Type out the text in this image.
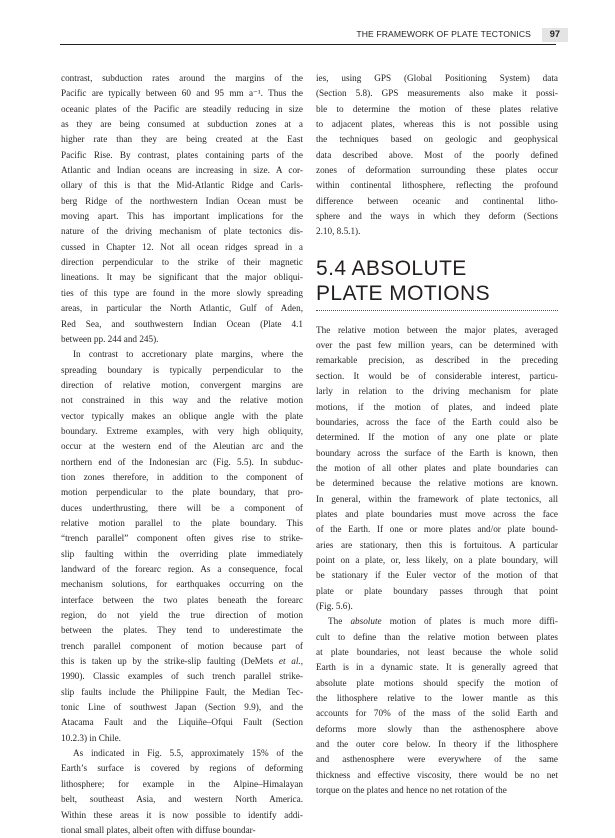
THE FRAMEWORK OF PLATE TECTONICS	97
contrast, subduction rates around the margins of the
Pacific are typically between 60 and 95 mm a⁻¹. Thus the
oceanic plates of the Pacific are steadily reducing in size
as they are being consumed at subduction zones at a
higher rate than they are being created at the East
Pacific Rise. By contrast, plates containing parts of the
Atlantic and Indian oceans are increasing in size. A cor-
ollary of this is that the Mid-Atlantic Ridge and Carls-
berg Ridge of the northwestern Indian Ocean must be
moving apart. This has important implications for the
nature of the driving mechanism of plate tectonics dis-
cussed in Chapter 12. Not all ocean ridges spread in a
direction perpendicular to the strike of their magnetic
lineations. It may be significant that the major obliqui-
ties of this type are found in the more slowly spreading
areas, in particular the North Atlantic, Gulf of Aden,
Red Sea, and southwestern Indian Ocean (Plate 4.1
between pp. 244 and 245).
In contrast to accretionary plate margins, where the
spreading boundary is typically perpendicular to the
direction of relative motion, convergent margins are
not constrained in this way and the relative motion
vector typically makes an oblique angle with the plate
boundary. Extreme examples, with very high obliquity,
occur at the western end of the Aleutian arc and the
northern end of the Indonesian arc (Fig. 5.5). In subduc-
tion zones therefore, in addition to the component of
motion perpendicular to the plate boundary, that pro-
duces underthrusting, there will be a component of
relative motion parallel to the plate boundary. This
“trench parallel” component often gives rise to strike-
slip faulting within the overriding plate immediately
landward of the forearc region. As a consequence, focal
mechanism solutions, for earthquakes occurring on the
interface between the two plates beneath the forearc
region, do not yield the true direction of motion
between the plates. They tend to underestimate the
trench parallel component of motion because part of
this is taken up by the strike-slip faulting (DeMets et al.,
1990). Classic examples of such trench parallel strike-
slip faults include the Philippine Fault, the Median Tec-
tonic Line of southwest Japan (Section 9.9), and the
Atacama Fault and the Liquiñe–Ofqui Fault (Section
10.2.3) in Chile.
As indicated in Fig. 5.5, approximately 15% of the
Earth’s surface is covered by regions of deforming
lithosphere; for example in the Alpine–Himalayan
belt, southeast Asia, and western North America.
Within these areas it is now possible to identify addi-
tional small plates, albeit often with diffuse boundar-
ies, using GPS (Global Positioning System) data
(Section 5.8). GPS measurements also make it possi-
ble to determine the motion of these plates relative
to adjacent plates, whereas this is not possible using
the techniques based on geologic and geophysical
data described above. Most of the poorly defined
zones of deformation surrounding these plates occur
within continental lithosphere, reflecting the profound
difference between oceanic and continental litho-
sphere and the ways in which they deform (Sections
2.10, 8.5.1).
5.4 ABSOLUTE
PLATE MOTIONS
The relative motion between the major plates, averaged
over the past few million years, can be determined with
remarkable precision, as described in the preceding
section. It would be of considerable interest, particu-
larly in relation to the driving mechanism for plate
motions, if the motion of plates, and indeed plate
boundaries, across the face of the Earth could also be
determined. If the motion of any one plate or plate
boundary across the surface of the Earth is known, then
the motion of all other plates and plate boundaries can
be determined because the relative motions are known.
In general, within the framework of plate tectonics, all
plates and plate boundaries must move across the face
of the Earth. If one or more plates and/or plate bound-
aries are stationary, then this is fortuitous. A particular
point on a plate, or, less likely, on a plate boundary, will
be stationary if the Euler vector of the motion of that
plate or plate boundary passes through that point
(Fig. 5.6).
The absolute motion of plates is much more diffi-
cult to define than the relative motion between plates
at plate boundaries, not least because the whole solid
Earth is in a dynamic state. It is generally agreed that
absolute plate motions should specify the motion of
the lithosphere relative to the lower mantle as this
accounts for 70% of the mass of the solid Earth and
deforms more slowly than the asthenosphere above
and the outer core below. In theory if the lithosphere
and asthenosphere were everywhere of the same
thickness and effective viscosity, there would be no net
torque on the plates and hence no net rotation of the
